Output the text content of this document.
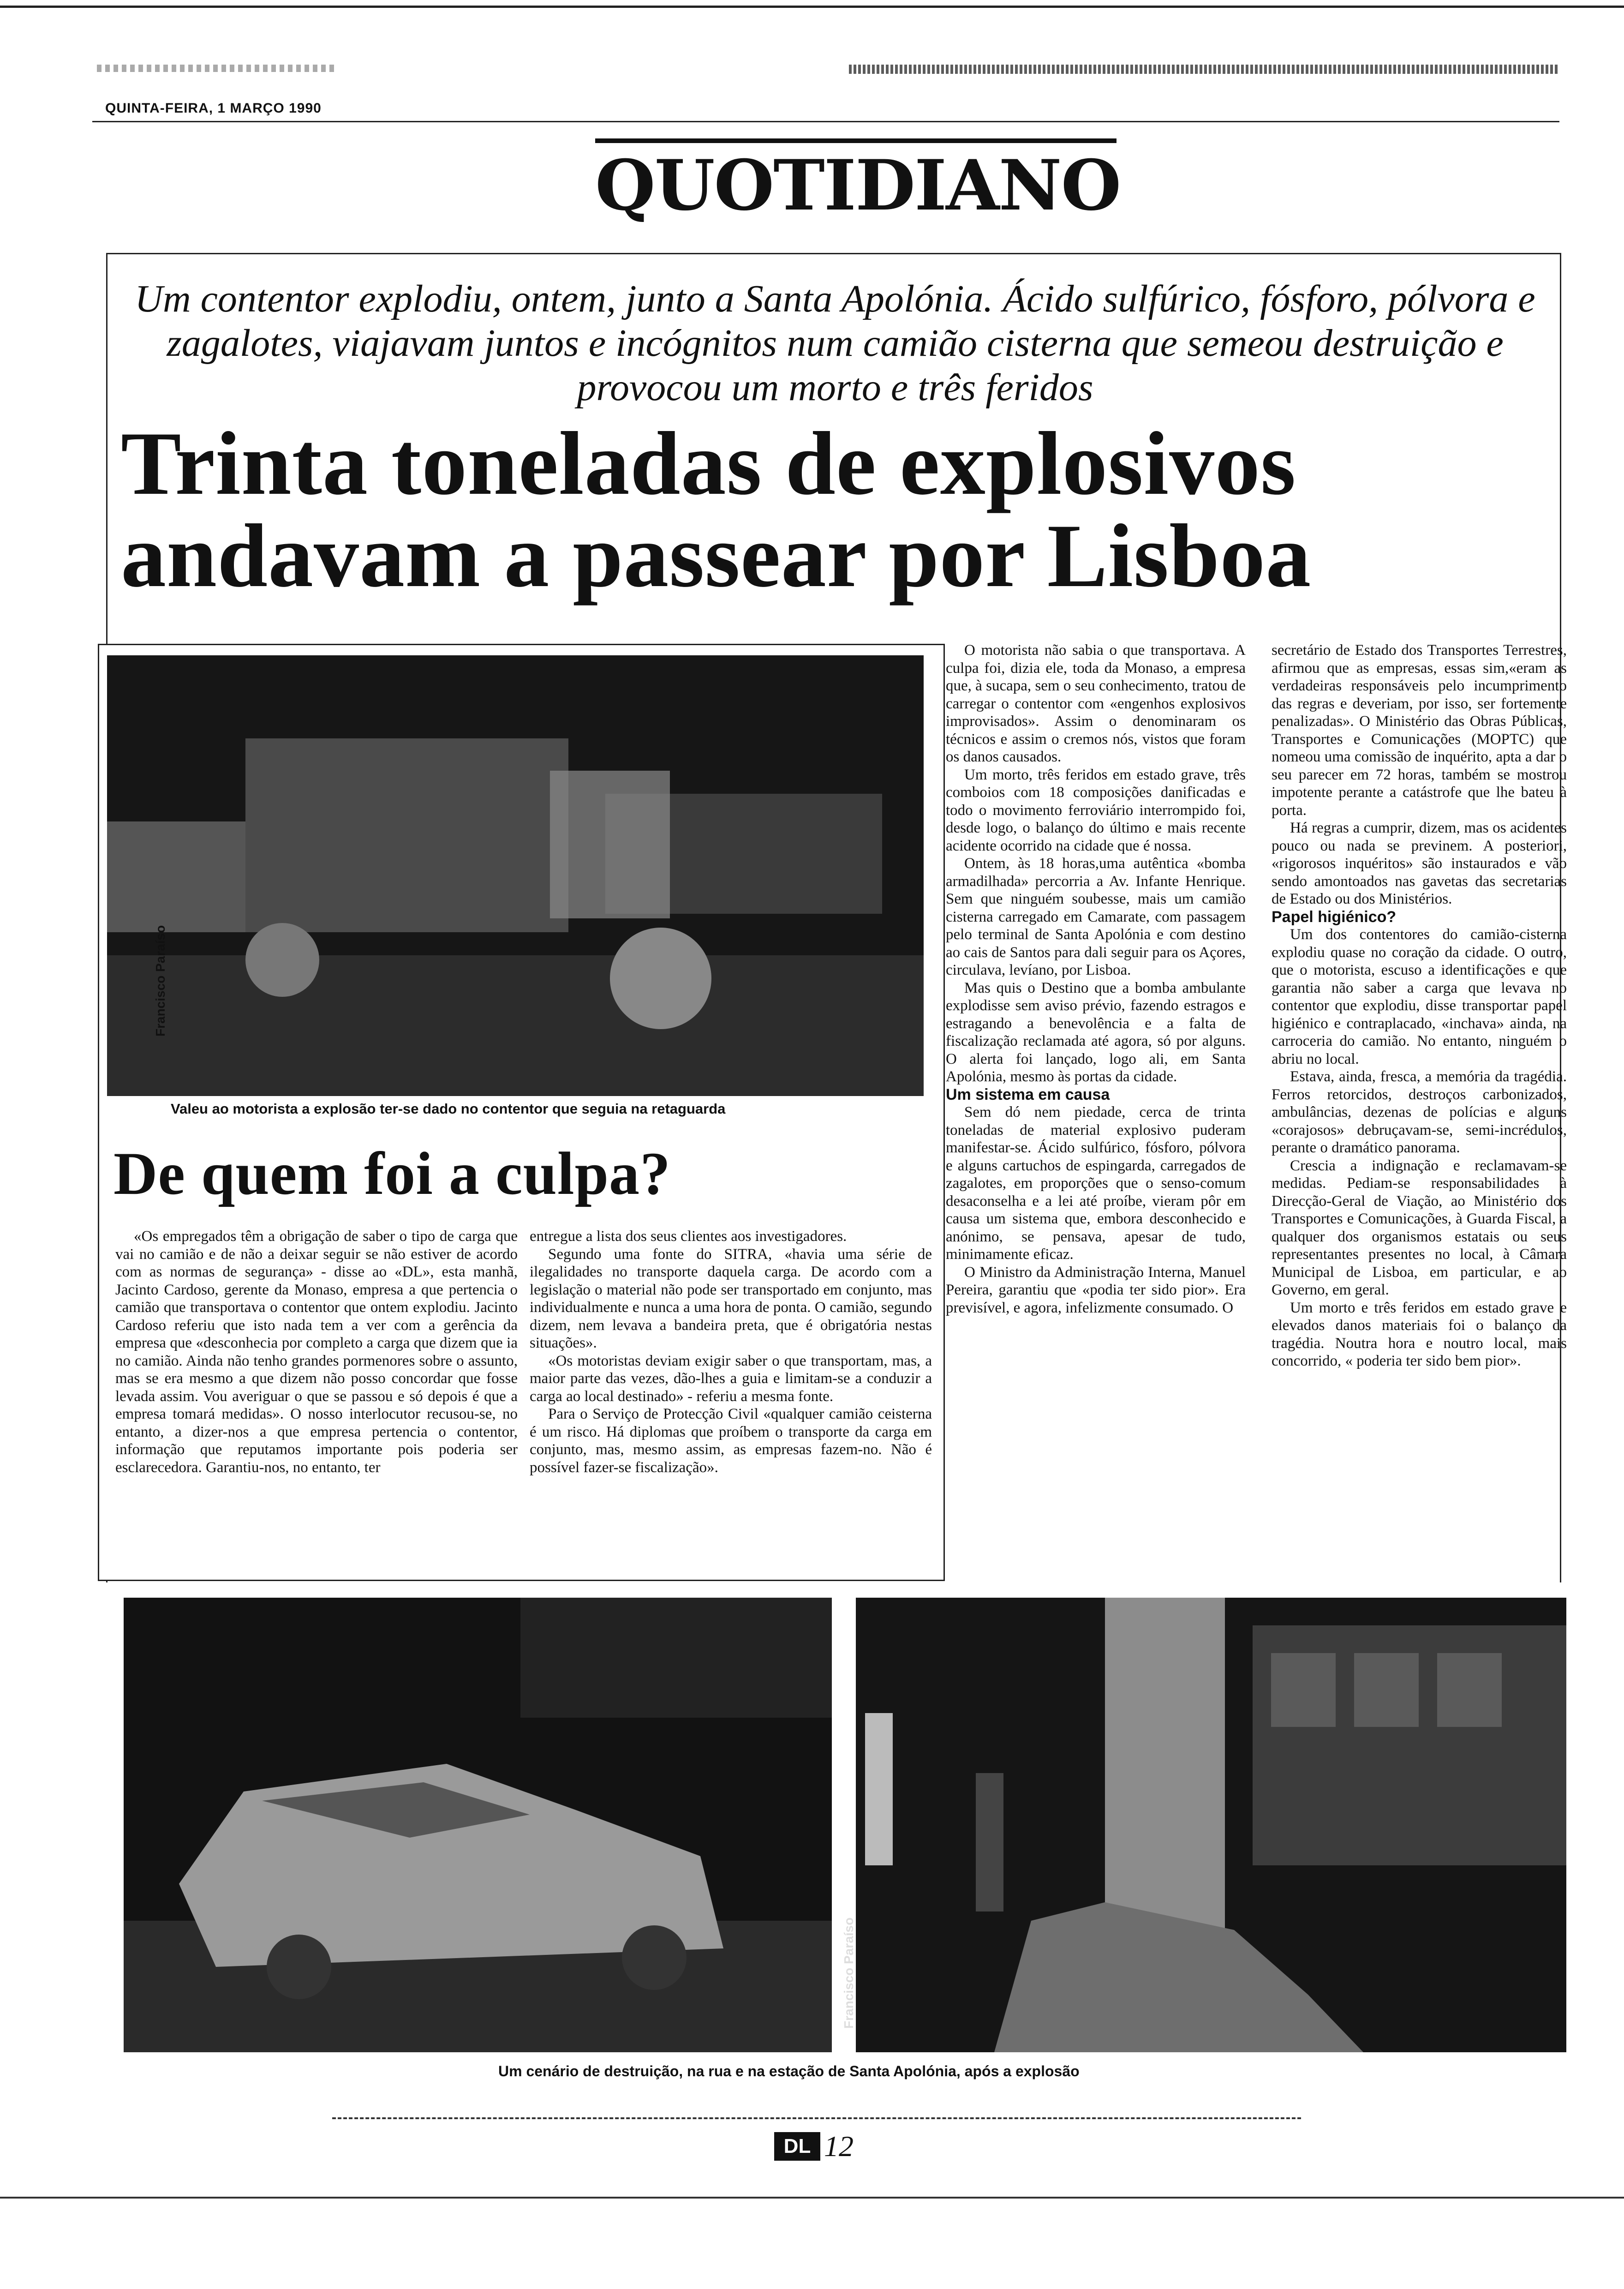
QUINTA-FEIRA, 1 MARÇO 1990
QUOTIDIANO
Um contentor explodiu, ontem, junto a Santa Apolónia. Ácido sulfúrico, fósforo, pólvora e zagalotes, viajavam juntos e incógnitos num camião cisterna que semeou destruição e provocou um morto e três feridos
Trinta toneladas de explosivos
andavam a passear por Lisboa
Francisco Paraíso
Valeu ao motorista a explosão ter-se dado no contentor que seguia na retaguarda
De quem foi a culpa?

«Os empregados têm a obrigação de saber o tipo de carga que vai no camião e de não a deixar seguir se não estiver de acordo com as normas de segurança» - disse ao «DL», esta manhã, Jacinto Cardoso, gerente da Monaso, empresa a que pertencia o camião que transportava o contentor que ontem explodiu. Jacinto Cardoso referiu que isto nada tem a ver com a gerência da empresa que «desconhecia por completo a carga que dizem que ia no camião. Ainda não tenho grandes pormenores sobre o assunto, mas se era mesmo a que dizem não posso concordar que fosse levada assim. Vou averiguar o que se passou e só depois é que a empresa tomará medidas». O nosso interlocutor recusou-se, no entanto, a dizer-nos a que empresa pertencia o contentor, informação que reputamos importante pois poderia ser esclarecedora. Garantiu-nos, no entanto, ter

entregue a lista dos seus clientes aos investigadores.

Segundo uma fonte do SITRA, «havia uma série de ilegalidades no transporte daquela carga. De acordo com a legislação o material não pode ser transportado em conjunto, mas individualmente e nunca a uma hora de ponta. O camião, segundo dizem, nem levava a bandeira preta, que é obrigatória nestas situações».

«Os motoristas deviam exigir saber o que transportam, mas, a maior parte das vezes, dão-lhes a guia e limitam-se a conduzir a carga ao local destinado» - referiu a mesma fonte.

Para o Serviço de Protecção Civil «qualquer camião ceisterna é um risco. Há diplomas que proíbem o transporte da carga em conjunto, mas, mesmo assim, as empresas fazem-no. Não é possível fazer-se fiscalização».

O motorista não sabia o que transportava. A culpa foi, dizia ele, toda da Monaso, a empresa que, à sucapa, sem o seu conhecimento, tratou de carregar o contentor com «engenhos explosivos improvisados». Assim o denominaram os técnicos e assim o cremos nós, vistos que foram os danos causados.

Um morto, três feridos em estado grave, três comboios com 18 composições danificadas e todo o movimento ferroviário interrompido foi, desde logo, o balanço do último e mais recente acidente ocorrido na cidade que é nossa.

Ontem, às 18 horas,uma autêntica «bomba armadilhada» percorria a Av. Infante Henrique. Sem que ninguém soubesse, mais um camião cisterna carregado em Camarate, com passagem pelo terminal de Santa Apolónia e com destino ao cais de Santos para dali seguir para os Açores, circulava, levíano, por Lisboa.

Mas quis o Destino que a bomba ambulante explodisse sem aviso prévio, fazendo estragos e estragando a benevolência e a falta de fiscalização reclamada até agora, só por alguns. O alerta foi lançado, logo ali, em Santa Apolónia, mesmo às portas da cidade.

Um sistema em causa

Sem dó nem piedade, cerca de trinta toneladas de material explosivo puderam manifestar-se. Ácido sulfúrico, fósforo, pólvora e alguns cartuchos de espingarda, carregados de zagalotes, em proporções que o senso-comum desaconselha e a lei até proíbe, vieram pôr em causa um sistema que, embora desconhecido e anónimo, se pensava, apesar de tudo, minimamente eficaz.

O Ministro da Administração Interna, Manuel Pereira, garantiu que «podia ter sido pior». Era previsível, e agora, infelizmente consumado. O

secretário de Estado dos Transportes Terrestres, afirmou que as empresas, essas sim,«eram as verdadeiras responsáveis pelo incumprimento das regras e deveriam, por isso, ser fortemente penalizadas». O Ministério das Obras Públicas, Transportes e Comunicações (MOPTC) que nomeou uma comissão de inquérito, apta a dar o seu parecer em 72 horas, também se mostrou impotente perante a catástrofe que lhe bateu à porta.

Há regras a cumprir, dizem, mas os acidentes pouco ou nada se previnem. A posteriori, «rigorosos inquéritos» são instaurados e vão sendo amontoados nas gavetas das secretarias de Estado ou dos Ministérios.

Papel higiénico?

Um dos contentores do camião-cisterna explodiu quase no coração da cidade. O outro, que o motorista, escuso a identificações e que garantia não saber a carga que levava no contentor que explodiu, disse transportar papel higiénico e contraplacado, «inchava» ainda, na carroceria do camião. No entanto, ninguém o abriu no local.

Estava, ainda, fresca, a memória da tragédia. Ferros retorcidos, destroços carbonizados, ambulâncias, dezenas de polícias e alguns «corajosos» debruçavam-se, semi-incrédulos, perante o dramático panorama.

Crescia a indignação e reclamavam-se medidas. Pediam-se responsabilidades à Direcção-Geral de Viação, ao Ministério dos Transportes e Comunicações, à Guarda Fiscal, a qualquer dos organismos estatais ou seus representantes presentes no local, à Câmara Municipal de Lisboa, em particular, e ao Governo, em geral.

Um morto e três feridos em estado grave e elevados danos materiais foi o balanço da tragédia. Noutra hora e noutro local, mais concorrido, « poderia ter sido bem pior».

Francisco Paraíso
Um cenário de destruição, na rua e na estação de Santa Apolónia, após a explosão
DL 12
